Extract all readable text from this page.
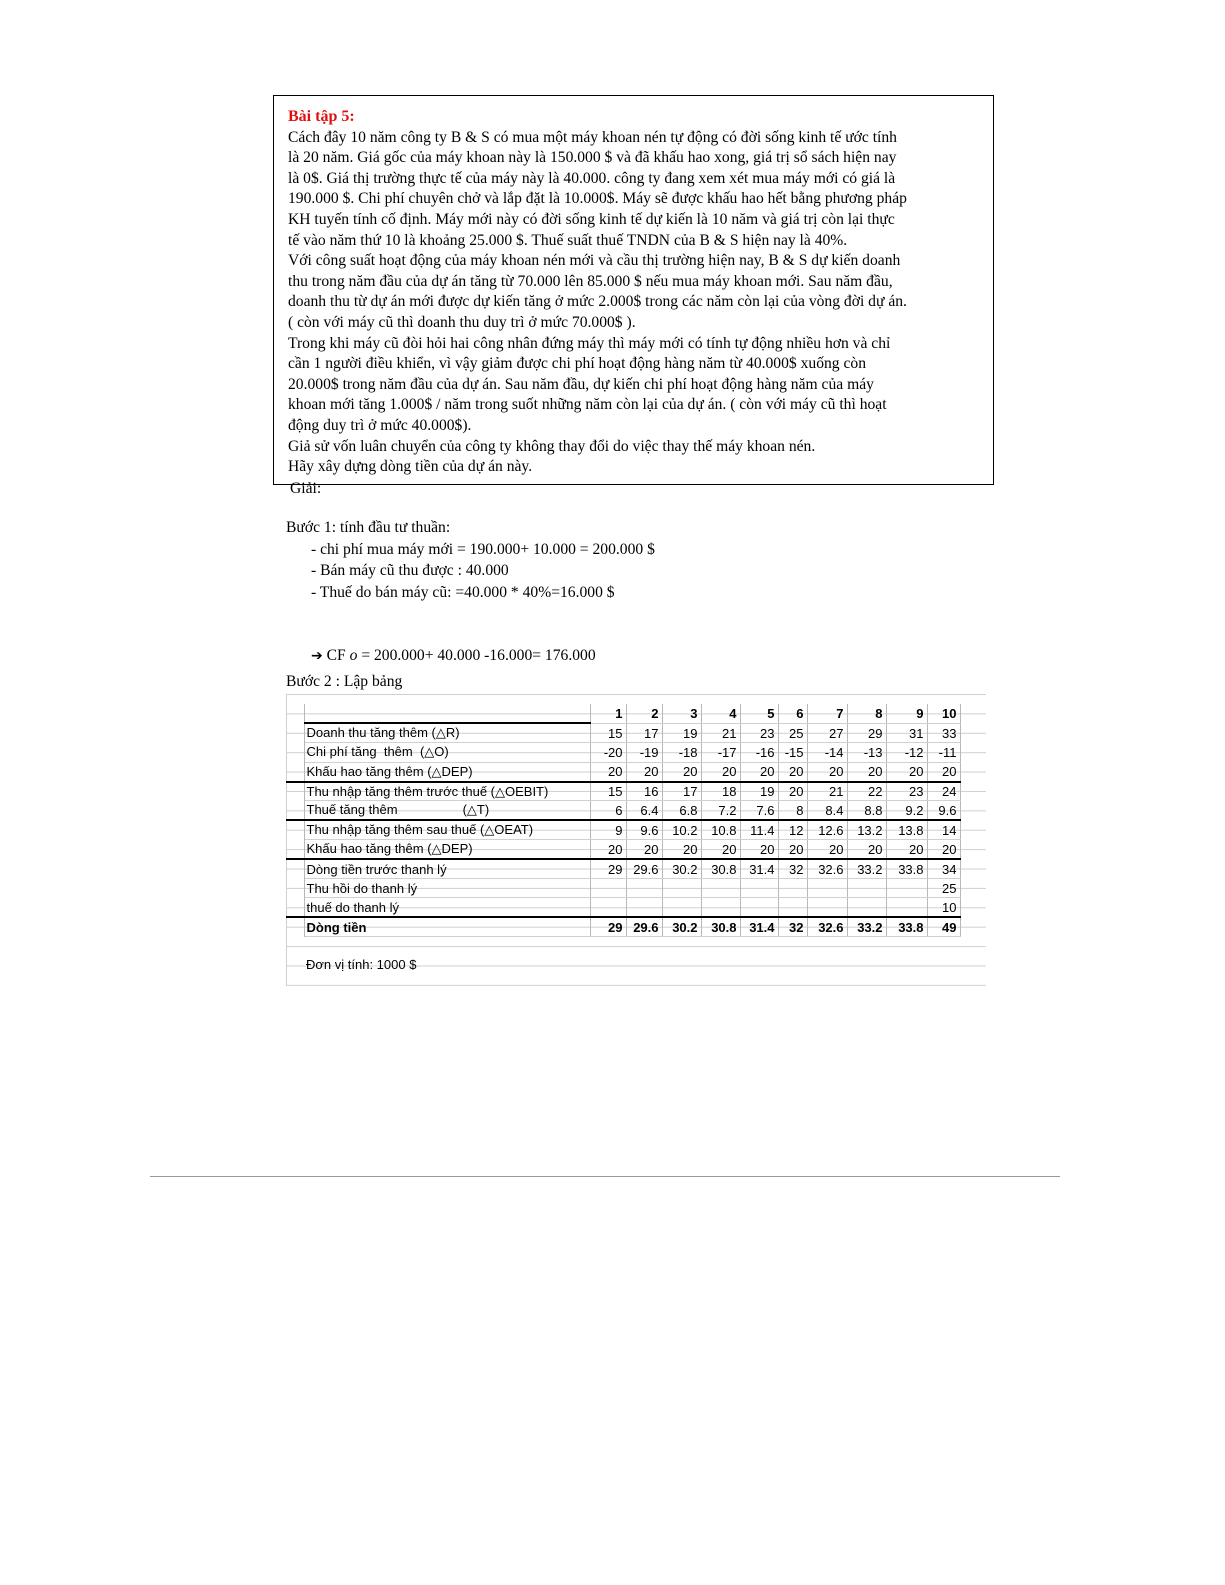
Bài tập 5:
Cách đây 10 năm công ty B & S có mua một máy khoan nén tự động có đời sống kinh tế ước tính
là 20 năm. Giá gốc của máy khoan này là 150.000 $ và đã khấu hao xong, giá trị sổ sách hiện nay
là 0$. Giá thị trường thực tế của máy này là 40.000. công ty đang xem xét mua máy mới có giá là
190.000 $. Chi phí chuyên chở và lắp đặt là 10.000$. Máy sẽ được khấu hao hết bằng phương pháp
KH tuyến tính cố định. Máy mới này có đời sống kinh tế dự kiến là 10 năm và giá trị còn lại thực
tế vào năm thứ 10 là khoảng 25.000 $. Thuế suất thuế TNDN của B & S hiện nay là 40%.
Với công suất hoạt động của máy khoan nén mới và cầu thị trường hiện nay, B & S dự kiến doanh
thu trong năm đầu của dự án tăng từ 70.000 lên 85.000 $ nếu mua máy khoan mới. Sau năm đầu,
doanh thu từ dự án mới được dự kiến tăng ở mức 2.000$ trong các năm còn lại của vòng đời dự án.
( còn với máy cũ thì doanh thu duy trì ở mức 70.000$ ).
Trong khi máy cũ đòi hỏi hai công nhân đứng máy thì máy mới có tính tự động nhiều hơn và chỉ
cần 1 người điều khiển, vì vậy giảm được chi phí hoạt động hàng năm từ 40.000$ xuống còn
20.000$ trong năm đầu của dự án. Sau năm đầu, dự kiến chi phí hoạt động hàng năm của máy
khoan mới tăng 1.000$ / năm trong suốt những năm còn lại của dự án. ( còn với máy cũ thì hoạt
động duy trì ở mức 40.000$).
Giả sử vốn luân chuyển của công ty không thay đổi do việc thay thế máy khoan nén.
Hãy xây dựng dòng tiền của dự án này.
Giải:
Bước 1: tính đầu tư thuần:
- chi phí mua máy mới = 190.000+ 10.000 = 200.000 $
- Bán máy cũ thu được : 40.000
- Thuế do bán máy cũ: =40.000 * 40%=16.000 $
➔ CF o = 200.000+ 40.000 -16.000= 176.000
Bước 2 : Lập bảng
		1	2	3	4	5	6	7	8	9	10
	Doanh thu tăng thêm (△R)	15	17	19	21	23	25	27	29	31	33
	Chi phí tăng  thêm  (△O)	-20	-19	-18	-17	-16	-15	-14	-13	-12	-11
	Khấu hao tăng thêm (△DEP)	20	20	20	20	20	20	20	20	20	20
	Thu nhập tăng thêm trước thuế (△OEBIT)	15	16	17	18	19	20	21	22	23	24
	Thuế tăng thêm                  (△T)	6	6.4	6.8	7.2	7.6	8	8.4	8.8	9.2	9.6
	Thu nhập tăng thêm sau thuế (△OEAT)	9	9.6	10.2	10.8	11.4	12	12.6	13.2	13.8	14
	Khấu hao tăng thêm (△DEP)	20	20	20	20	20	20	20	20	20	20
	Dòng tiền trước thanh lý	29	29.6	30.2	30.8	31.4	32	32.6	33.2	33.8	34
	Thu hồi do thanh lý										25
	thuế do thanh lý										10
	Dòng tiền	29	29.6	30.2	30.8	31.4	32	32.6	33.2	33.8	49
Đơn vị tính: 1000 $
